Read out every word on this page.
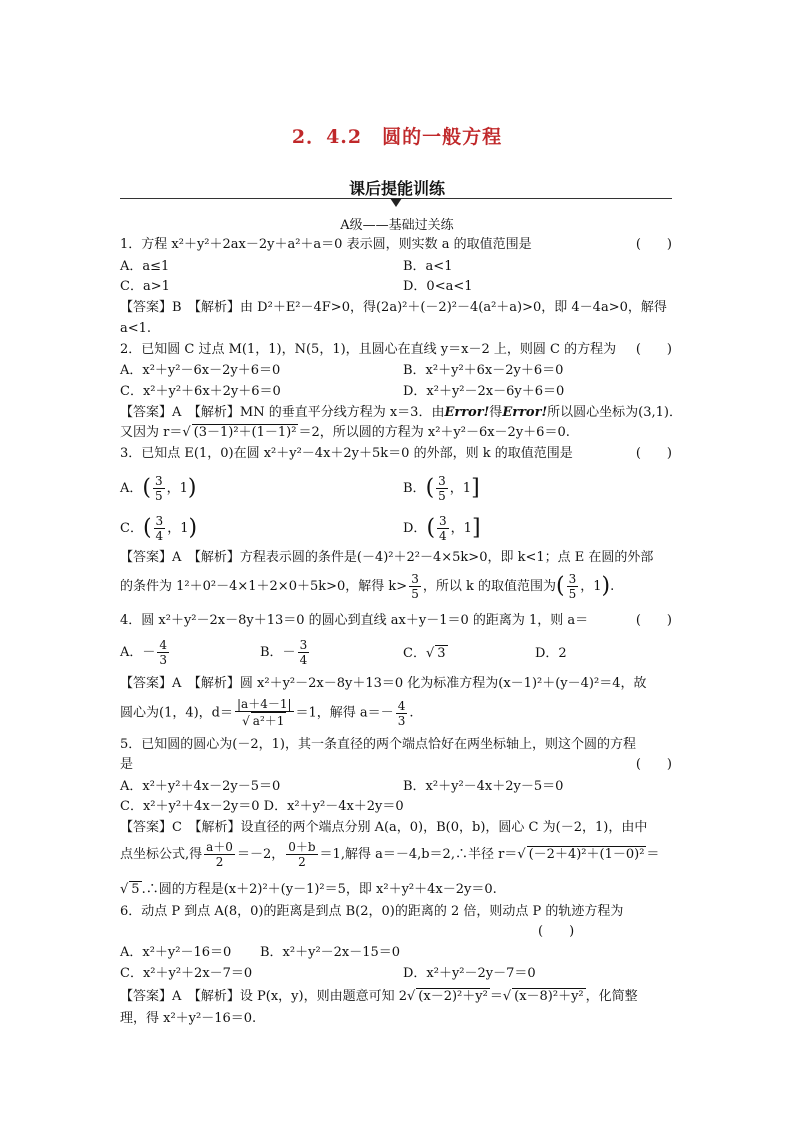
2．4.2　圆的一般方程
课后提能训练
A级——基础过关练
1．方程 x²＋y²＋2ax－2y＋a²＋a＝0 表示圆，则实数 a 的取值范围是	(　　)
A．a≤1	B．a<1
C．a>1	D．0<a<1
【答案】B　【解析】由 D²＋E²－4F>0，得(2a)²＋(－2)²－4(a²＋a)>0，即 4－4a>0，解得
a<1.
2．已知圆 C 过点 M(1，1)，N(5，1)，且圆心在直线 y＝x－2 上，则圆 C 的方程为 (　　)
A．x²＋y²－6x－2y＋6＝0	B．x²＋y²＋6x－2y＋6＝0
C．x²＋y²＋6x＋2y＋6＝0	D．x²＋y²－2x－6y＋6＝0
【答案】A　【解析】MN 的垂直平分线方程为 x＝3．由Error!得Error!所以圆心坐标为(3,1)．
又因为 r＝√ (3－1)²＋(1－1)² ＝2，所以圆的方程为 x²＋y²－6x－2y＋6＝0.
3．已知点 E(1，0)在圆 x²＋y²－4x＋2y＋5k＝0 的外部，则 k 的取值范围是	(　　)
A．( $\frac{3}{5}$ ，1)	B．( $\frac{3}{5}$ ，1]
C．( $\frac{3}{4}$ ，1)	D．( $\frac{3}{4}$ ，1]
【答案】A　【解析】方程表示圆的条件是(－4)²＋2²－4×5k>0，即 k<1；点 E 在圆的外部
的条件为 1²＋0²－4×1＋2×0＋5k>0，解得 $k> \frac{3}{5}$ ，所以 k 的取值范围为( $\frac{3}{5}$ ，1).
4．圆 x²＋y²－2x－8y＋13＝0 的圆心到直线 ax＋y－1＝0 的距离为 1，则 a＝	(　　)
A．－ $\frac{4}{3}$	B．－ $\frac{3}{4}$	C．√ 3	D．2
【答案】A　【解析】圆 x²＋y²－2x－8y＋13＝0 化为标准方程为(x－1)²＋(y－4)²＝4，故
圆心为(1，4)，$d= \frac{|a+4-1|}{\text{√ a²＋1}} =1$，解得 $a=- \frac{4}{3}$ .
5．已知圆的圆心为(－2，1)，其一条直径的两个端点恰好在两坐标轴上，则这个圆的方程
是	(　　)
A．x²＋y²＋4x－2y－5＝0	B．x²＋y²－4x＋2y－5＝0
C．x²＋y²＋4x－2y＝0 D．x²＋y²－4x＋2y＝0
【答案】C　【解析】设直径的两个端点分别 A(a，0)，B(0，b)，圆心 C 为(－2，1)，由中
点坐标公式,得 $\frac{a+0}{2} =-2$， $\frac{0+b}{2} =1$,解得 a＝－4,b＝2,∴半径 r＝√ (－2＋4)²＋(1－0)² ＝
√ 5 .∴圆的方程是(x＋2)²＋(y－1)²＝5，即 x²＋y²＋4x－2y＝0.
6．动点 P 到点 A(8，0)的距离是到点 B(2，0)的距离的 2 倍，则动点 P 的轨迹方程为
(　　)
A．x²＋y²－16＝0 B．x²＋y²－2x－15＝0
C．x²＋y²＋2x－7＝0	D．x²＋y²－2y－7＝0
【答案】A　【解析】设 P(x，y)，则由题意可知 2√ (x－2)²＋y² ＝√ (x－8)²＋y² ，化简整
理，得 x²＋y²－16＝0.
